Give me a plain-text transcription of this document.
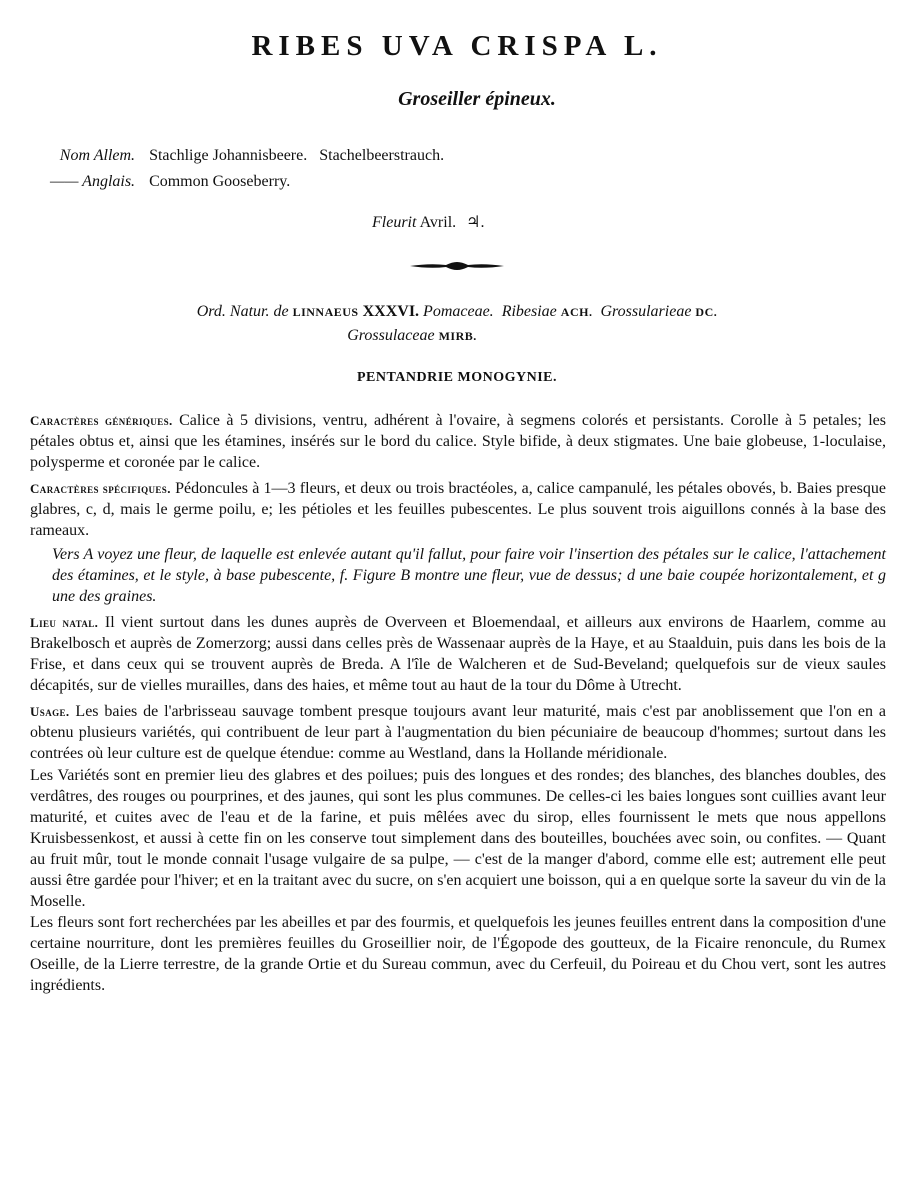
RIBES UVA CRISPA L.
Groseiller épineux.
Nom Allem.	Stachlige Johannisbeere.   Stachelbeerstrauch.
—— Anglais.	Common Gooseberry.
Fleurit Avril. ♃.
Ord. Natur. de LINNAEUS XXXVI. Pomaceae. Ribesiae ACH. Grossularieae DC.
Grossulaceae MIRB.
PENTANDRIE MONOGYNIE.

Caractères génériques. Calice à 5 divisions, ventru, adhérent à l'ovaire, à segmens colorés et persistants. Corolle à 5 petales; les pétales obtus et, ainsi que les étamines, insérés sur le bord du calice. Style bifide, à deux stigmates. Une baie globeuse, 1-loculaise, polysperme et coronée par le calice.

Caractères spécifiques. Pédoncules à 1—3 fleurs, et deux ou trois bractéoles, a, calice campanulé, les pétales obovés, b. Baies presque glabres, c, d, mais le germe poilu, e; les pétioles et les feuilles pubescentes. Le plus souvent trois aiguillons connés à la base des rameaux.

Vers A voyez une fleur, de laquelle est enlevée autant qu'il fallut, pour faire voir l'insertion des pétales sur le calice, l'attachement des étamines, et le style, à base pubescente, f. Figure B montre une fleur, vue de dessus; d une baie coupée horizontalement, et g une des graines.

Lieu natal. Il vient surtout dans les dunes auprès de Overveen et Bloemendaal, et ailleurs aux environs de Haarlem, comme au Brakelbosch et auprès de Zomerzorg; aussi dans celles près de Wassenaar auprès de la Haye, et au Staalduin, puis dans les bois de la Frise, et dans ceux qui se trouvent auprès de Breda. A l'île de Walcheren et de Sud-Beveland; quelquefois sur de vieux saules décapités, sur de vielles murailles, dans des haies, et même tout au haut de la tour du Dôme à Utrecht.

Usage. Les baies de l'arbrisseau sauvage tombent presque toujours avant leur maturité, mais c'est par anoblissement que l'on en a obtenu plusieurs variétés, qui contribuent de leur part à l'augmentation du bien pécuniaire de beaucoup d'hommes; surtout dans les contrées où leur culture est de quelque étendue: comme au Westland, dans la Hollande méridionale.

Les Variétés sont en premier lieu des glabres et des poilues; puis des longues et des rondes; des blanches, des blanches doubles, des verdâtres, des rouges ou pourprines, et des jaunes, qui sont les plus communes. De celles-ci les baies longues sont cuillies avant leur maturité, et cuites avec de l'eau et de la farine, et puis mêlées avec du sirop, elles fournissent le mets que nous appellons Kruisbessenkost, et aussi à cette fin on les conserve tout simplement dans des bouteilles, bouchées avec soin, ou confites. — Quant au fruit mûr, tout le monde connait l'usage vulgaire de sa pulpe, — c'est de la manger d'abord, comme elle est; autrement elle peut aussi être gardée pour l'hiver; et en la traitant avec du sucre, on s'en acquiert une boisson, qui a en quelque sorte la saveur du vin de la Moselle.

Les fleurs sont fort recherchées par les abeilles et par des fourmis, et quelquefois les jeunes feuilles entrent dans la composition d'une certaine nourriture, dont les premières feuilles du Groseillier noir, de l'Égopode des goutteux, de la Ficaire renoncule, du Rumex Oseille, de la Lierre terrestre, de la grande Ortie et du Sureau commun, avec du Cerfeuil, du Poireau et du Chou vert, sont les autres ingrédients.
